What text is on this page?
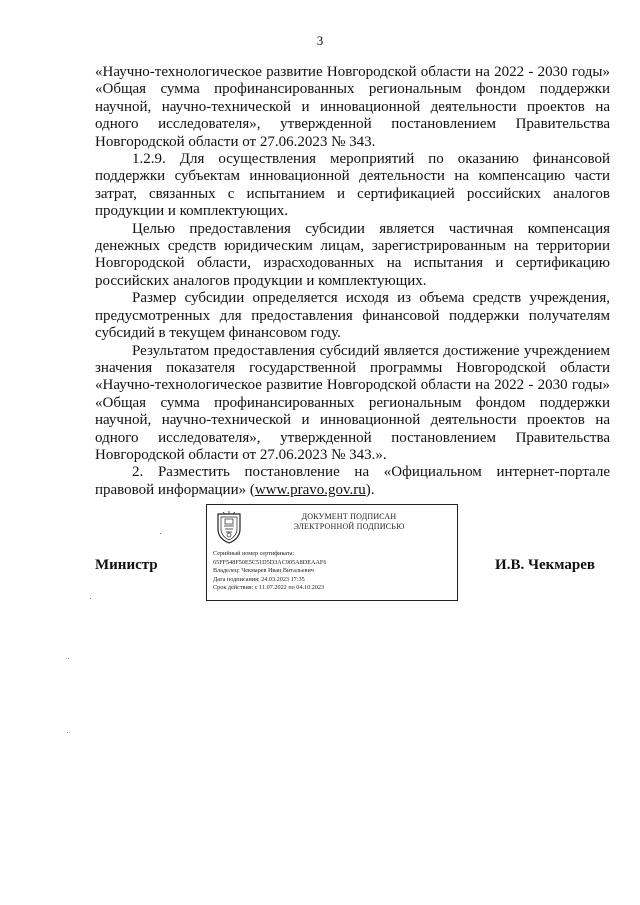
3

«Научно-технологическое развитие Новгородской области на 2022 - 2030 годы» «Общая сумма профинансированных региональным фондом поддержки научной, научно-технической и инновационной деятельности проектов на одного исследователя», утвержденной постановлением Правительства Новгородской области от 27.06.2023 № 343.

1.2.9. Для осуществления мероприятий по оказанию финансовой поддержки субъектам инновационной деятельности на компенсацию части затрат, связанных с испытанием и сертификацией российских аналогов продукции и комплектующих.

Целью предоставления субсидии является частичная компенсация денежных средств юридическим лицам, зарегистрированным на территории Новгородской области, израсходованных на испытания и сертификацию российских аналогов продукции и комплектующих.

Размер субсидии определяется исходя из объема средств учреждения, предусмотренных для предоставления финансовой поддержки получателям субсидий в текущем финансовом году.

Результатом предоставления субсидий является достижение учреждением значения показателя государственной программы Новгородской области «Научно-технологическое развитие Новгородской области на 2022 - 2030 годы» «Общая сумма профинансированных региональным фондом поддержки научной, научно-технической и инновационной деятельности проектов на одного исследователя», утвержденной постановлением Правительства Новгородской области от 27.06.2023 № 343.».

2. Разместить постановление на «Официальном интернет-портале правовой информации» (www.pravo.gov.ru).

Министр	И.В. Чекмарев
ДОКУМЕНТ ПОДПИСАН
ЭЛЕКТРОННОЙ ПОДПИСЬЮ
Серийный номер сертификата:
65FF548F50E5C51D5D3AC905A8DEAAF6
Владелец: Чекмарев Иван Витальевич
Дата подписания: 24.03.2023 17:35
Срок действия: с 11.07.2022 по 04.10.2023
